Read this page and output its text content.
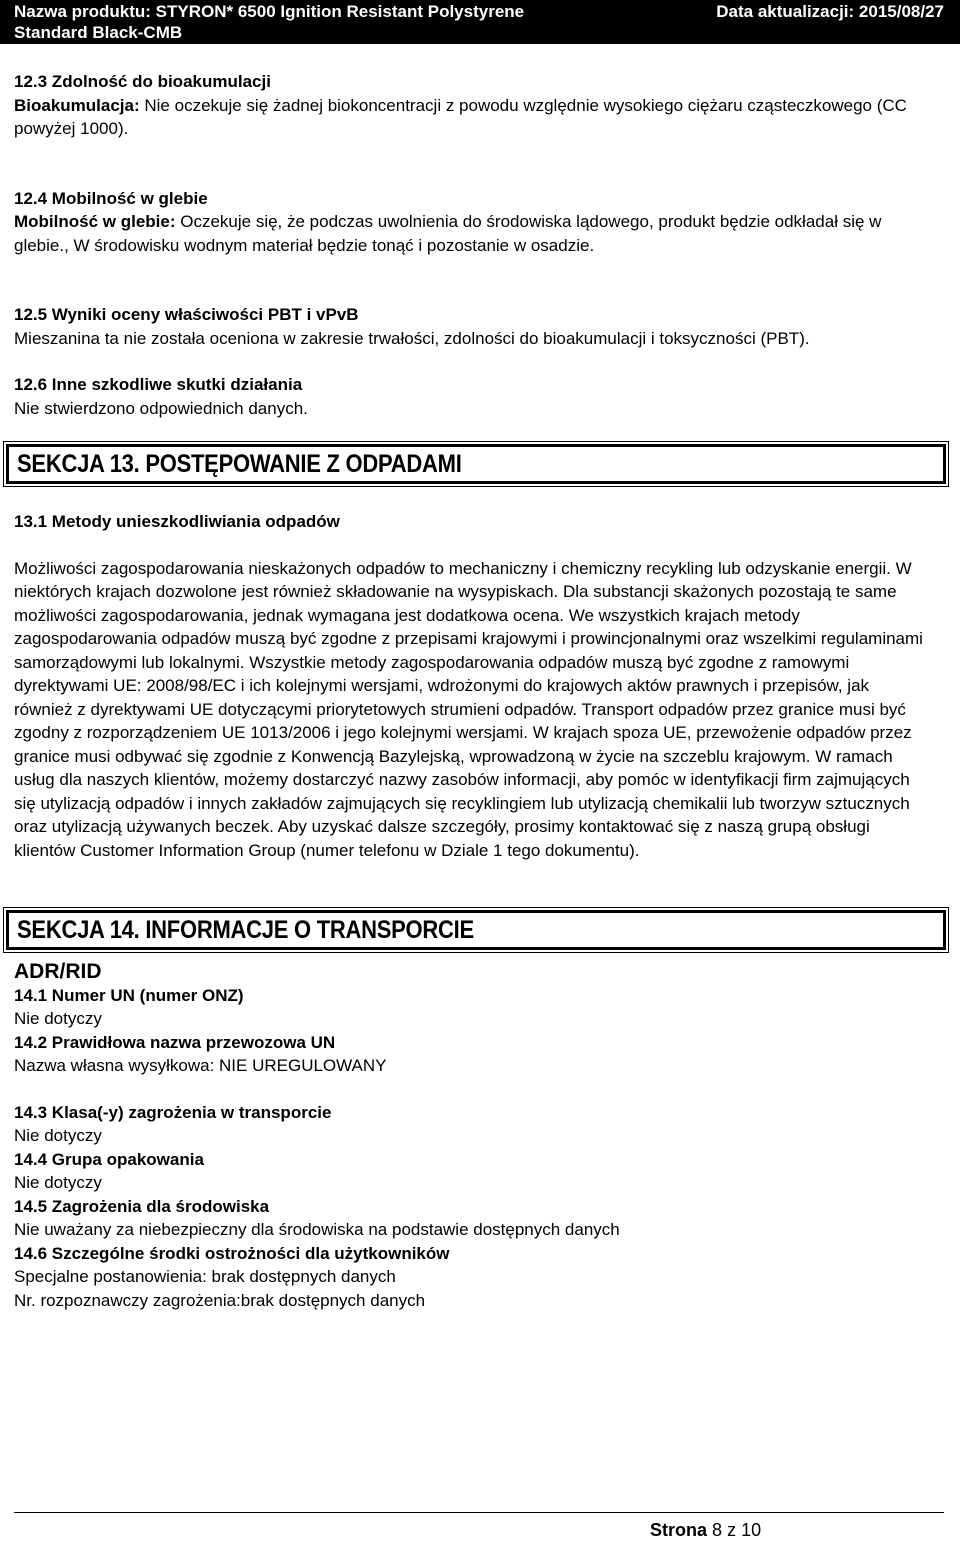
Nazwa produktu: STYRON* 6500 Ignition Resistant Polystyrene
Standard Black-CMB
Data aktualizacji: 2015/08/27
12.3 Zdolność do bioakumulacji
Bioakumulacja: Nie oczekuje się żadnej biokoncentracji z powodu względnie wysokiego ciężaru cząsteczkowego (CC powyżej 1000).
12.4 Mobilność w glebie
Mobilność w glebie: Oczekuje się, że podczas uwolnienia do środowiska lądowego, produkt będzie odkładał się w glebie., W środowisku wodnym materiał będzie tonąć i pozostanie w osadzie.
12.5 Wyniki oceny właściwości PBT i vPvB
Mieszanina ta nie została oceniona w zakresie trwałości, zdolności do bioakumulacji i toksyczności (PBT).
12.6 Inne szkodliwe skutki działania
Nie stwierdzono odpowiednich danych.
SEKCJA 13. POSTĘPOWANIE Z ODPADAMI
13.1 Metody unieszkodliwiania odpadów
Możliwości zagospodarowania nieskażonych odpadów to mechaniczny i chemiczny recykling lub odzyskanie energii. W niektórych krajach dozwolone jest również składowanie na wysypiskach. Dla substancji skażonych pozostają te same możliwości zagospodarowania, jednak wymagana jest dodatkowa ocena. We wszystkich krajach metody zagospodarowania odpadów muszą być zgodne z przepisami krajowymi i prowincjonalnymi oraz wszelkimi regulaminami samorządowymi lub lokalnymi. Wszystkie metody zagospodarowania odpadów muszą być zgodne z ramowymi dyrektywami UE: 2008/98/EC i ich kolejnymi wersjami, wdrożonymi do krajowych aktów prawnych i przepisów, jak również z dyrektywami UE dotyczącymi priorytetowych strumieni odpadów. Transport odpadów przez granice musi być zgodny z rozporządzeniem UE 1013/2006 i jego kolejnymi wersjami. W krajach spoza UE, przewożenie odpadów przez granice musi odbywać się zgodnie z Konwencją Bazylejską, wprowadzoną w życie na szczeblu krajowym. W ramach usług dla naszych klientów, możemy dostarczyć nazwy zasobów informacji, aby pomóc w identyfikacji firm zajmujących się utylizacją odpadów i innych zakładów zajmujących się recyklingiem lub utylizacją chemikalii lub tworzyw sztucznych oraz utylizacją używanych beczek. Aby uzyskać dalsze szczegóły, prosimy kontaktować się z naszą grupą obsługi klientów Customer Information Group (numer telefonu w Dziale 1 tego dokumentu).
SEKCJA 14. INFORMACJE O TRANSPORCIE
ADR/RID
14.1 Numer UN (numer ONZ)
Nie dotyczy
14.2 Prawidłowa nazwa przewozowa UN
Nazwa własna wysyłkowa: NIE UREGULOWANY
14.3 Klasa(-y) zagrożenia w transporcie
Nie dotyczy
14.4 Grupa opakowania
Nie dotyczy
14.5 Zagrożenia dla środowiska
Nie uważany za niebezpieczny dla środowiska na podstawie dostępnych danych
14.6 Szczególne środki ostrożności dla użytkowników
Specjalne postanowienia: brak dostępnych danych
Nr. rozpoznawczy zagrożenia:brak dostępnych danych
Strona 8 z 10
